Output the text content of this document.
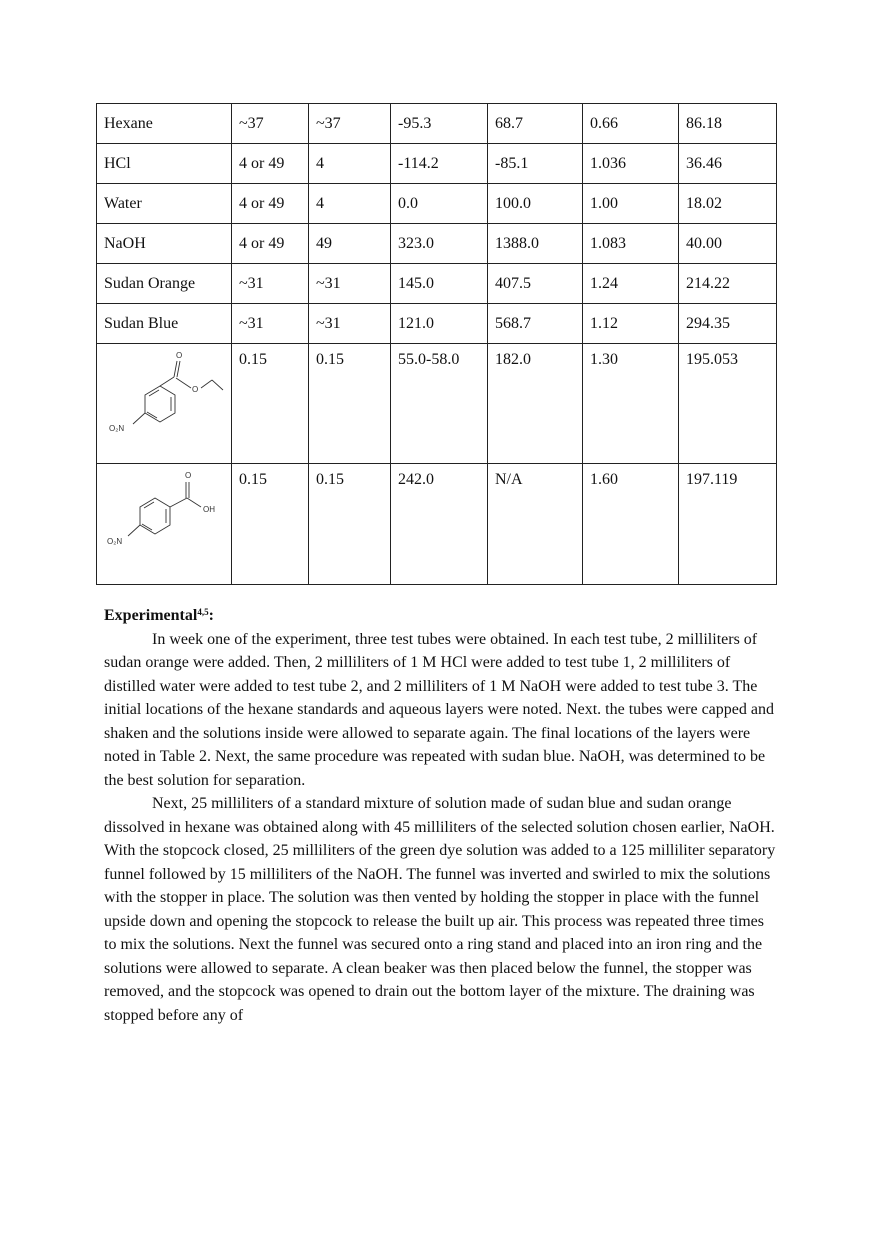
Hexane	~37	~37	-95.3	68.7	0.66	86.18
HCl	4 or 49	4	-114.2	-85.1	1.036	36.46
Water	4 or 49	4	0.0	100.0	1.00	18.02
NaOH	4 or 49	49	323.0	1388.0	1.083	40.00
Sudan Orange	~31	~31	145.0	407.5	1.24	214.22
Sudan Blue	~31	~31	121.0	568.7	1.12	294.35

O
O
O₂N	0.15	0.15	55.0-58.0	182.0	1.30	195.053

O
OH
O₂N	0.15	0.15	242.0	N/A	1.60	197.119
Experimental$^{4,5}$:

In week one of the experiment, three test tubes were obtained. In each test tube, 2 milliliters of sudan orange were added. Then, 2 milliliters of 1 M HCl were added to test tube 1, 2 milliliters of distilled water were added to test tube 2, and 2 milliliters of 1 M NaOH were added to test tube 3. The initial locations of the hexane standards and aqueous layers were noted. Next. the tubes were capped and shaken and the solutions inside were allowed to separate again. The final locations of the layers were noted in Table 2. Next, the same procedure was repeated with sudan blue. NaOH, was determined to be the best solution for separation.

Next, 25 milliliters of a standard mixture of solution made of sudan blue and sudan orange dissolved in hexane was obtained along with 45 milliliters of the selected solution chosen earlier, NaOH. With the stopcock closed, 25 milliliters of the green dye solution was added to a 125 milliliter separatory funnel followed by 15 milliliters of the NaOH. The funnel was inverted and swirled to mix the solutions with the stopper in place. The solution was then vented by holding the stopper in place with the funnel upside down and opening the stopcock to release the built up air. This process was repeated three times to mix the solutions. Next the funnel was secured onto a ring stand and placed into an iron ring and the solutions were allowed to separate. A clean beaker was then placed below the funnel, the stopper was removed, and the stopcock was opened to drain out the bottom layer of the mixture. The draining was stopped before any of
